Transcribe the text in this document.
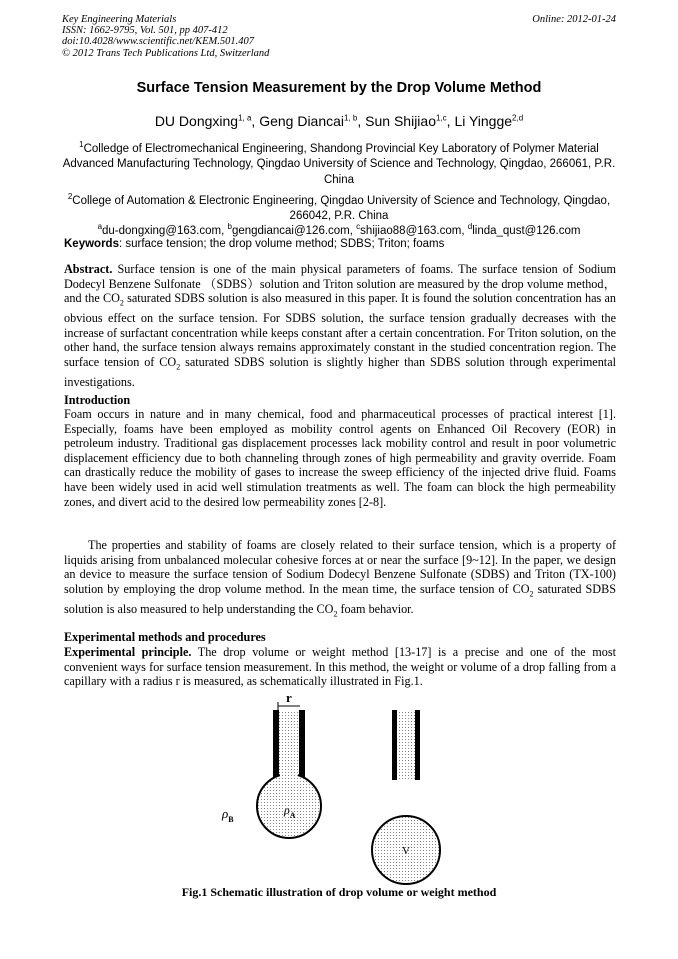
Key Engineering Materials
ISSN: 1662-9795, Vol. 501, pp 407-412
doi:10.4028/www.scientific.net/KEM.501.407
© 2012 Trans Tech Publications Ltd, Switzerland
Online: 2012-01-24
Surface Tension Measurement by the Drop Volume Method
DU Dongxing$^{1, a}$, Geng Diancai$^{1, b}$, Sun Shijiao$^{1,c}$, Li Yingge$^{2,d}$
$^1$Colledge of Electromechanical Engineering, Shandong Provincial Key Laboratory of Polymer Material Advanced Manufacturing Technology, Qingdao University of Science and Technology, Qingdao, 266061, P.R. China
$^2$College of Automation & Electronic Engineering, Qingdao University of Science and Technology, Qingdao, 266042, P.R. China
$^a$du-dongxing@163.com, $^b$gengdiancai@126.com, $^c$shijiao88@163.com, $^d$linda_qust@126.com
Keywords: surface tension; the drop volume method; SDBS; Triton; foams
Abstract. Surface tension is one of the main physical parameters of foams. The surface tension of Sodium Dodecyl Benzene Sulfonate （SDBS）solution and Triton solution are measured by the drop volume method， and the $CO_2$ saturated SDBS solution is also measured in this paper. It is found the solution concentration has an obvious effect on the surface tension. For SDBS solution, the surface tension gradually decreases with the increase of surfactant concentration while keeps constant after a certain concentration. For Triton solution, on the other hand, the surface tension always remains approximately constant in the studied concentration region. The surface tension of $CO_2$ saturated SDBS solution is slightly higher than SDBS solution through experimental investigations.
Introduction
Foam occurs in nature and in many chemical, food and pharmaceutical processes of practical interest [1]. Especially, foams have been employed as mobility control agents on Enhanced Oil Recovery (EOR) in petroleum industry. Traditional gas displacement processes lack mobility control and result in poor volumetric displacement efficiency due to both channeling through zones of high permeability and gravity override. Foam can drastically reduce the mobility of gases to increase the sweep efficiency of the injected drive fluid. Foams have been widely used in acid well stimulation treatments as well. The foam can block the high permeability zones, and divert acid to the desired low permeability zones [2-8].
The properties and stability of foams are closely related to their surface tension, which is a property of liquids arising from unbalanced molecular cohesive forces at or near the surface [9~12]. In the paper, we design an device to measure the surface tension of Sodium Dodecyl Benzene Sulfonate (SDBS) and Triton (TX-100) solution by employing the drop volume method. In the mean time, the surface tension of $CO_2$ saturated SDBS solution is also measured to help understanding the $CO_2$ foam behavior.
Experimental methods and procedures
Experimental principle. The drop volume or weight method [13-17] is a precise and one of the most convenient ways for surface tension measurement. In this method, the weight or volume of a drop falling from a capillary with a radius r is measured, as schematically illustrated in Fig.1.
r
$\rho_B$
$\rho_A$
V
Fig.1 Schematic illustration of drop volume or weight method
